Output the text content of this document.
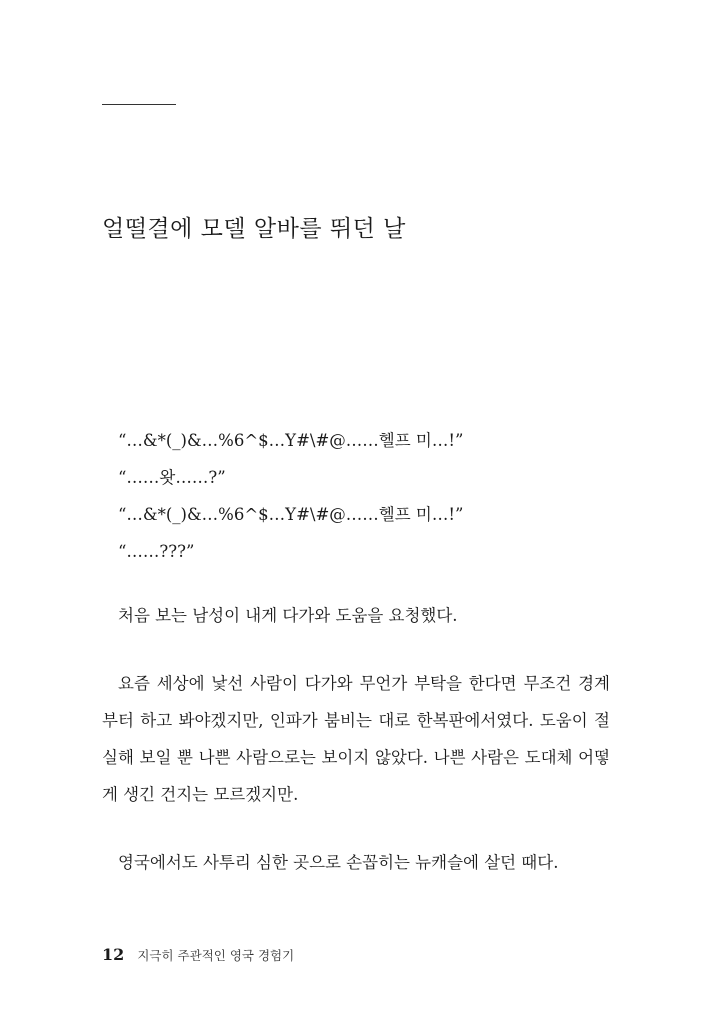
얼떨결에 모델 알바를 뛰던 날
“…&*(_)&…%6^$…Y#\#@……헬프 미…!”
“……왓……?”
“…&*(_)&…%6^$…Y#\#@……헬프 미…!”
“……???”

처음 보는 남성이 내게 다가와 도움을 요청했다.

요즘 세상에 낯선 사람이 다가와 무언가 부탁을 한다면 무조건 경계부터 하고 봐야겠지만, 인파가 붐비는 대로 한복판에서였다. 도움이 절실해 보일 뿐 나쁜 사람으로는 보이지 않았다. 나쁜 사람은 도대체 어떻게 생긴 건지는 모르겠지만.

영국에서도 사투리 심한 곳으로 손꼽히는 뉴캐슬에 살던 때다.

12 지극히 주관적인 영국 경험기
